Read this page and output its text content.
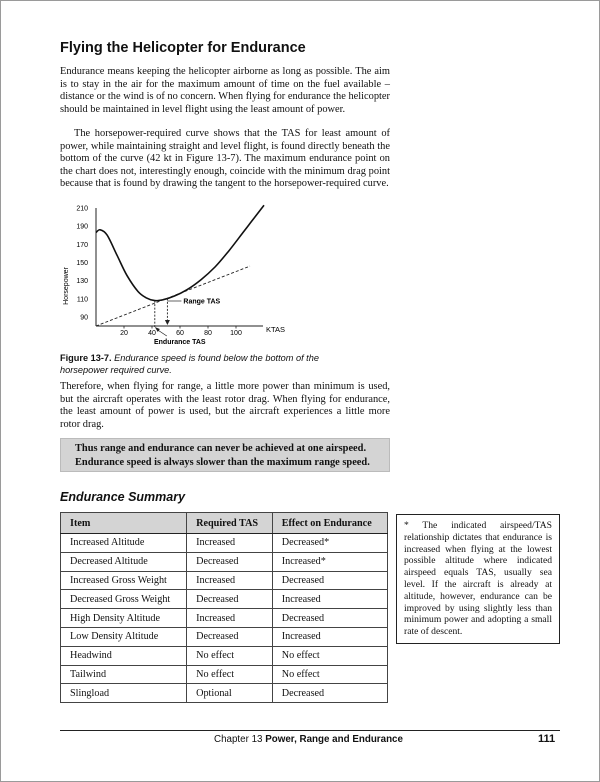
Flying the Helicopter for Endurance

Endurance means keeping the helicopter airborne as long as possible. The aim is to stay in the air for the maximum amount of time on the fuel available – distance or the wind is of no concern. When flying for endurance the helicopter should be maintained in level flight using the least amount of power.

The horsepower-required curve shows that the TAS for least amount of power, while maintaining straight and level flight, is found directly beneath the bottom of the curve (42 kt in Figure 13-7). The maximum endurance point on the chart does not, interestingly enough, coincide with the minimum drag point because that is found by drawing the tangent to the horsepower-required curve.

90
110
130
150
170
190
210
20	40	60	80	100
Horsepower
KTAS
Range TAS
Endurance TAS
Figure 13-7. Endurance speed is found below the bottom of the horsepower required curve.

Therefore, when flying for range, a little more power than minimum is used, but the aircraft operates with the least rotor drag. When flying for endurance, the least amount of power is used, but the aircraft experiences a little more rotor drag.

Thus range and endurance can never be achieved at one airspeed. Endurance speed is always slower than the maximum range speed.
Endurance Summary
Item	Required TAS	Effect on Endurance
Increased Altitude	Increased	Decreased*
Decreased Altitude	Decreased	Increased*
Increased Gross Weight	Increased	Decreased
Decreased Gross Weight	Decreased	Increased
High Density Altitude	Increased	Decreased
Low Density Altitude	Decreased	Increased
Headwind	No effect	No effect
Tailwind	No effect	No effect
Slingload	Optional	Decreased
* The indicated airspeed/TAS relationship dictates that endurance is increased when flying at the lowest possible altitude where indicated airspeed equals TAS, usually sea level. If the aircraft is already at altitude, however, endurance can be improved by using slightly less than minimum power and adopting a small rate of descent.
Chapter 13 Power, Range and Endurance	111
